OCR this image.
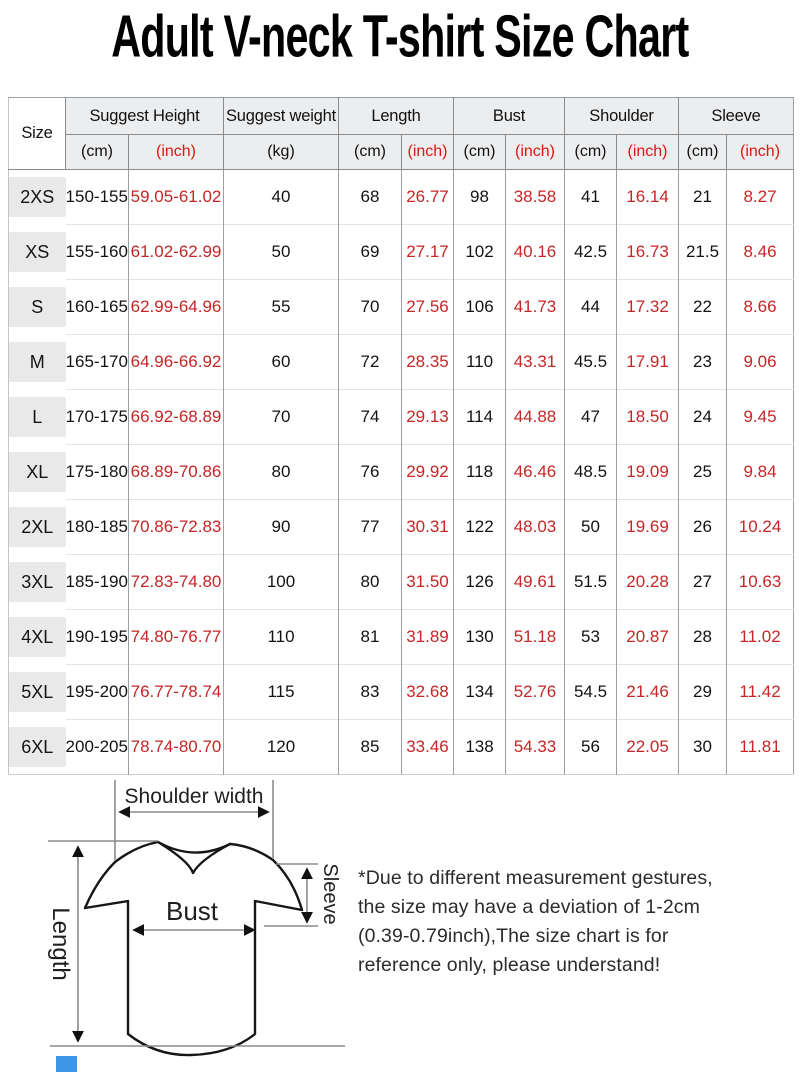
Adult V-neck T-shirt Size Chart
Size	Suggest Height		Suggest weight	Length		Bust		Shoulder		Sleeve	
	(cm)	(inch)	(kg)	(cm)	(inch)	(cm)	(inch)	(cm)	(inch)	(cm)	(inch)

2XS	150-155	59.05-61.02	40	68	26.77	98	38.58	41	16.14	21	8.27

XS	155-160	61.02-62.99	50	69	27.17	102	40.16	42.5	16.73	21.5	8.46

S	160-165	62.99-64.96	55	70	27.56	106	41.73	44	17.32	22	8.66

M	165-170	64.96-66.92	60	72	28.35	110	43.31	45.5	17.91	23	9.06

L	170-175	66.92-68.89	70	74	29.13	114	44.88	47	18.50	24	9.45

XL	175-180	68.89-70.86	80	76	29.92	118	46.46	48.5	19.09	25	9.84

2XL	180-185	70.86-72.83	90	77	30.31	122	48.03	50	19.69	26	10.24

3XL	185-190	72.83-74.80	100	80	31.50	126	49.61	51.5	20.28	27	10.63

4XL	190-195	74.80-76.77	110	81	31.89	130	51.18	53	20.87	28	11.02

5XL	195-200	76.77-78.74	115	83	32.68	134	52.76	54.5	21.46	29	11.42

6XL	200-205	78.74-80.70	120	85	33.46	138	54.33	56	22.05	30	11.81
Shoulder width
Bust
Length
Sleeve *Due to different measurement gestures,
the size may have a deviation of 1-2cm
(0.39-0.79inch),The size chart is for
reference only, please understand!
